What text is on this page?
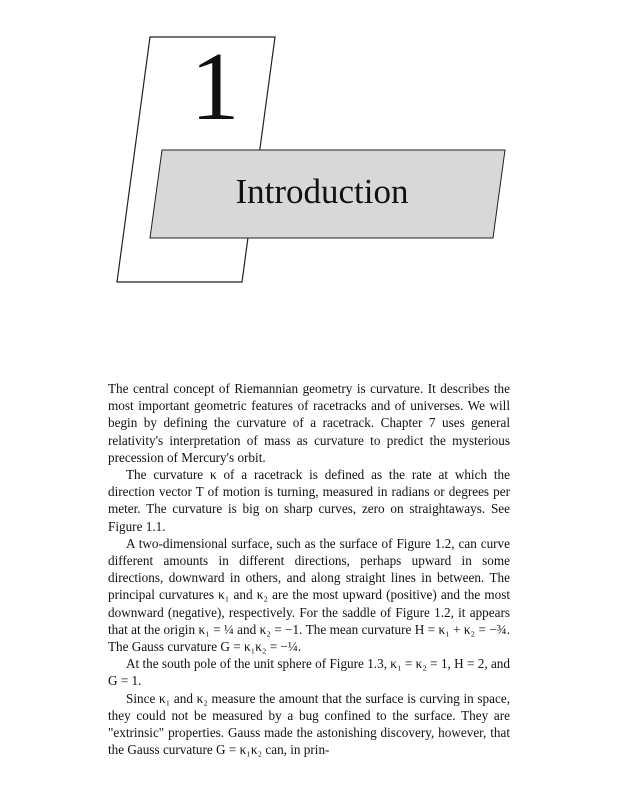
1
Introduction

The central concept of Riemannian geometry is curvature. It describes the most important geometric features of racetracks and of universes. We will begin by defining the curvature of a racetrack. Chapter 7 uses general relativity's interpretation of mass as curvature to predict the mysterious precession of Mercury's orbit.

The curvature κ of a racetrack is defined as the rate at which the direction vector T of motion is turning, measured in radians or degrees per meter. The curvature is big on sharp curves, zero on straightaways. See Figure 1.1.

A two-dimensional surface, such as the surface of Figure 1.2, can curve different amounts in different directions, perhaps upward in some directions, downward in others, and along straight lines in between. The principal curvatures κ₁ and κ₂ are the most upward (positive) and the most downward (negative), respectively. For the saddle of Figure 1.2, it appears that at the origin κ₁ = ¼ and κ₂ = −1. The mean curvature H = κ₁ + κ₂ = −¾. The Gauss curvature G = κ₁κ₂ = −¼.

At the south pole of the unit sphere of Figure 1.3, κ₁ = κ₂ = 1, H = 2, and G = 1.

Since κ₁ and κ₂ measure the amount that the surface is curving in space, they could not be measured by a bug confined to the surface. They are "extrinsic" properties. Gauss made the astonishing discovery, however, that the Gauss curvature G = κ₁κ₂ can, in prin-
